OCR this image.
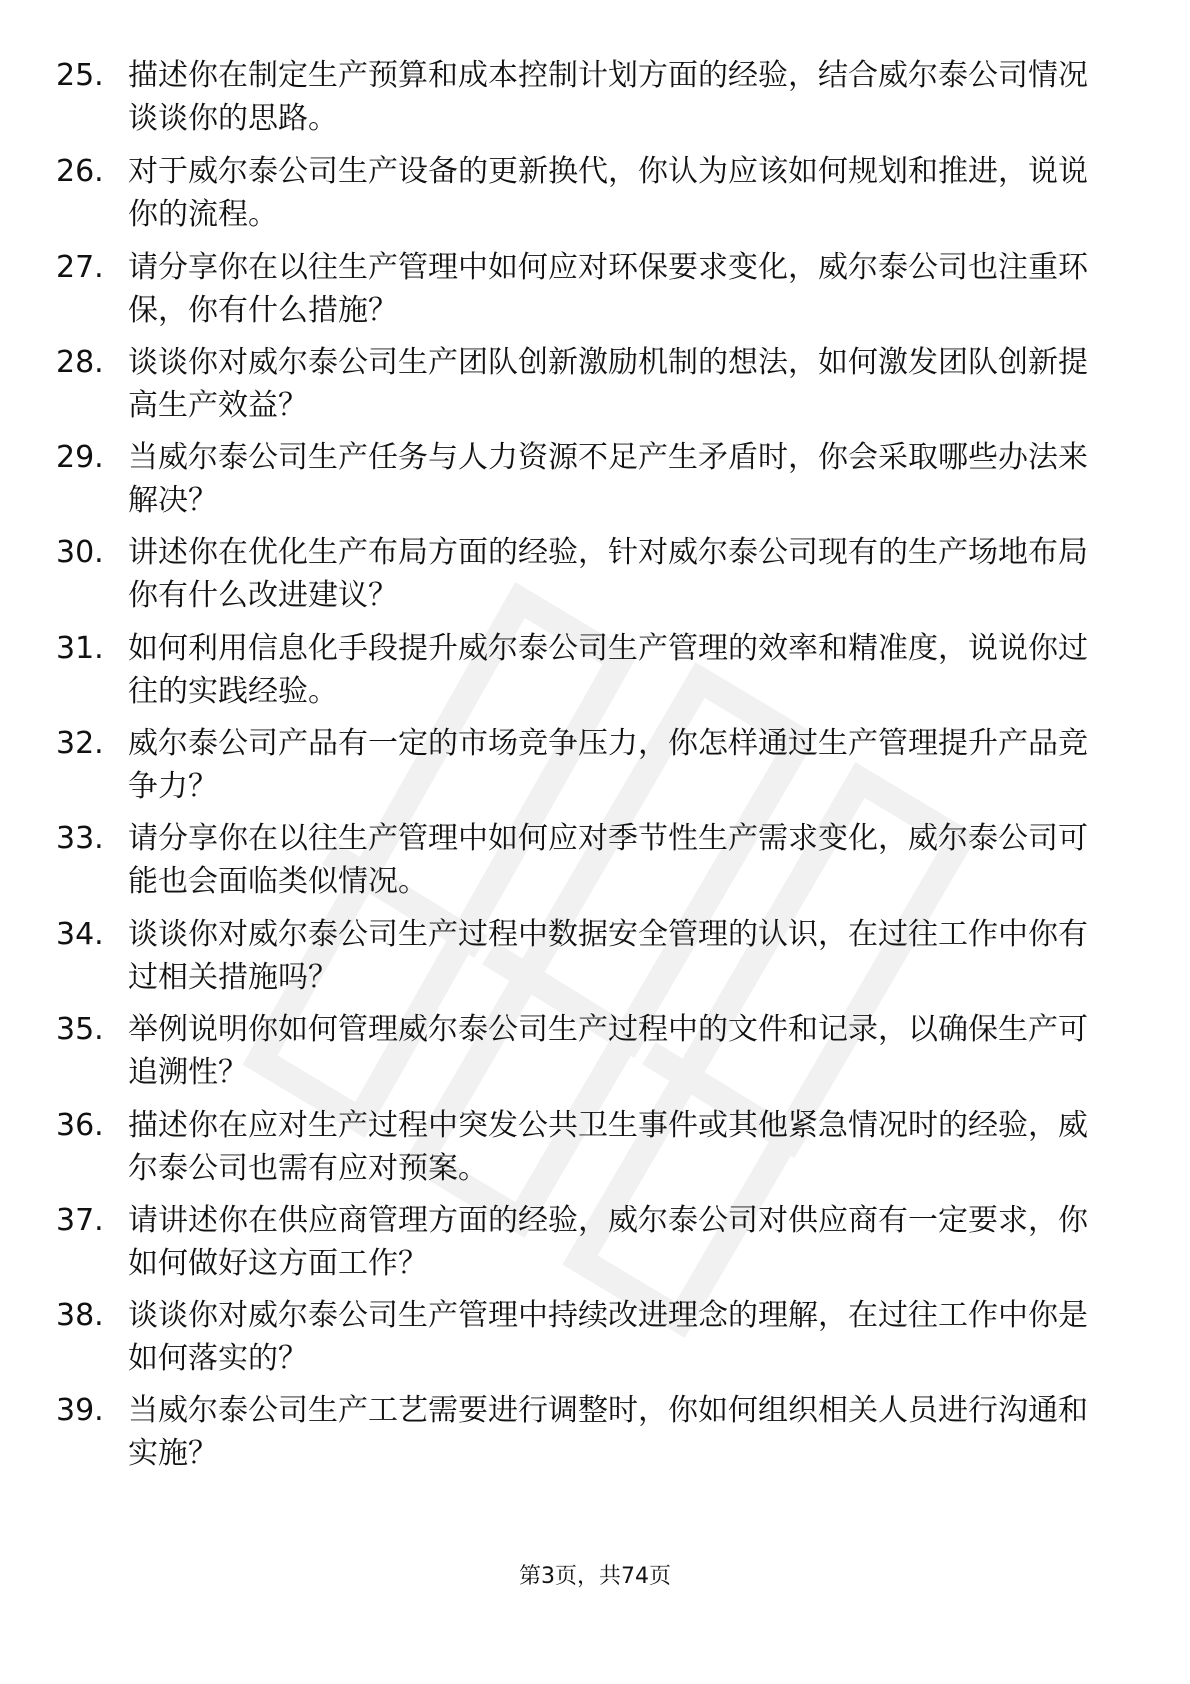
25. 描述你在制定生产预算和成本控制计划方面的经验，结合威尔泰公司情况谈谈你的思路。
26. 对于威尔泰公司生产设备的更新换代，你认为应该如何规划和推进，说说你的流程。
27. 请分享你在以往生产管理中如何应对环保要求变化，威尔泰公司也注重环保，你有什么措施？
28. 谈谈你对威尔泰公司生产团队创新激励机制的想法，如何激发团队创新提高生产效益？
29. 当威尔泰公司生产任务与人力资源不足产生矛盾时，你会采取哪些办法来解决？
30. 讲述你在优化生产布局方面的经验，针对威尔泰公司现有的生产场地布局你有什么改进建议？
31. 如何利用信息化手段提升威尔泰公司生产管理的效率和精准度，说说你过往的实践经验。
32. 威尔泰公司产品有一定的市场竞争压力，你怎样通过生产管理提升产品竞争力？
33. 请分享你在以往生产管理中如何应对季节性生产需求变化，威尔泰公司可能也会面临类似情况。
34. 谈谈你对威尔泰公司生产过程中数据安全管理的认识，在过往工作中你有过相关措施吗？
35. 举例说明你如何管理威尔泰公司生产过程中的文件和记录，以确保生产可追溯性？
36. 描述你在应对生产过程中突发公共卫生事件或其他紧急情况时的经验，威尔泰公司也需有应对预案。
37. 请讲述你在供应商管理方面的经验，威尔泰公司对供应商有一定要求，你如何做好这方面工作？
38. 谈谈你对威尔泰公司生产管理中持续改进理念的理解，在过往工作中你是如何落实的？
39. 当威尔泰公司生产工艺需要进行调整时，你如何组织相关人员进行沟通和实施？
第3页，共74页
